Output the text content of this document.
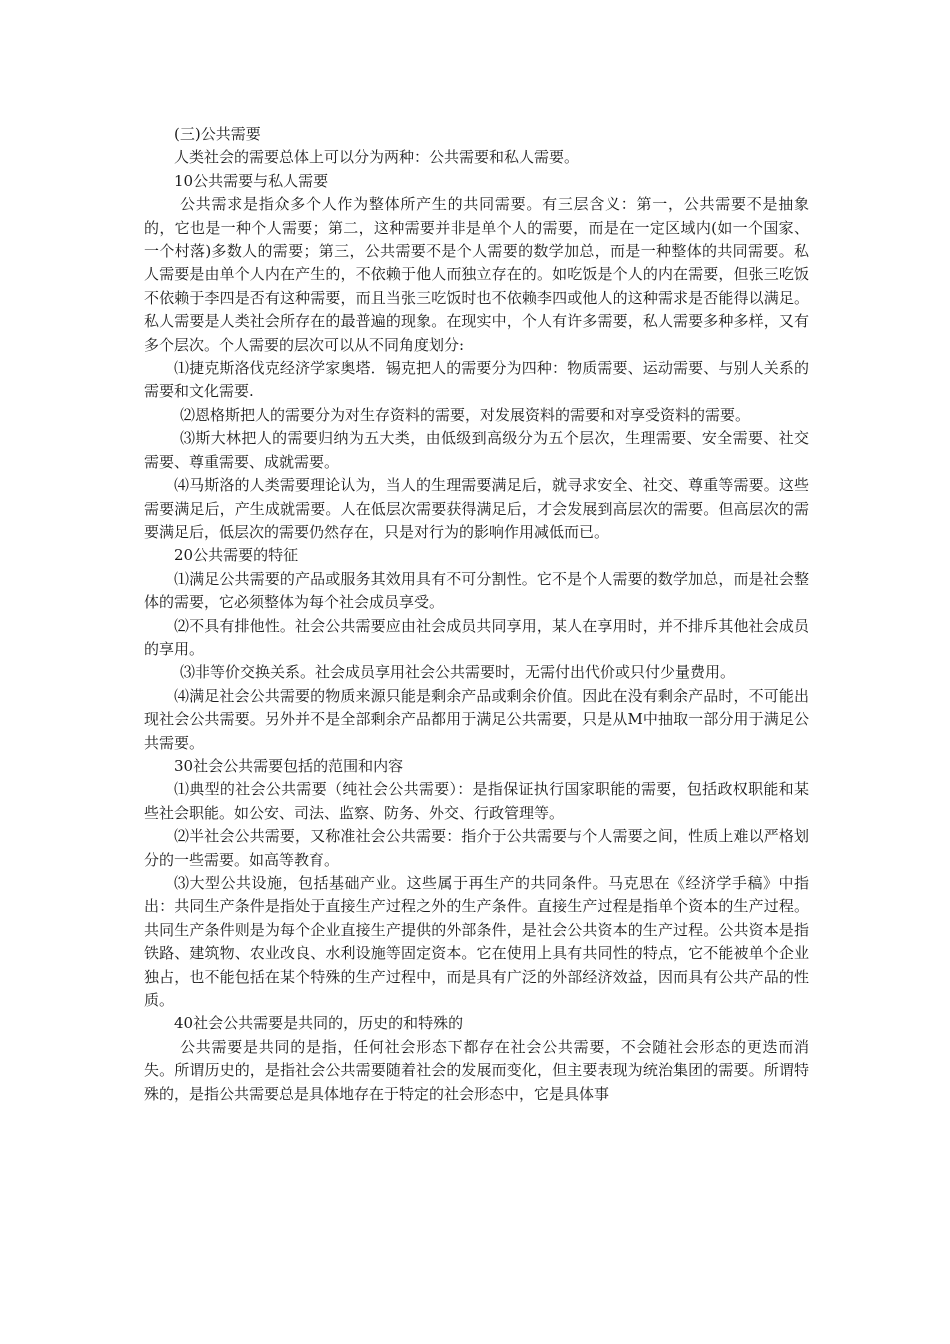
(三)公共需要

人类社会的需要总体上可以分为两种：公共需要和私人需要。

10公共需要与私人需要

公共需求是指众多个人作为整体所产生的共同需要。有三层含义：第一，公共需要不是抽象的，它也是一种个人需要；第二，这种需要并非是单个人的需要，而是在一定区域内(如一个国家、一个村落)多数人的需要；第三，公共需要不是个人需要的数学加总，而是一种整体的共同需要。私人需要是由单个人内在产生的，不依赖于他人而独立存在的。如吃饭是个人的内在需要，但张三吃饭不依赖于李四是否有这种需要，而且当张三吃饭时也不依赖李四或他人的这种需求是否能得以满足。私人需要是人类社会所存在的最普遍的现象。在现实中，个人有许多需要，私人需要多种多样，又有多个层次。个人需要的层次可以从不同角度划分:

⑴捷克斯洛伐克经济学家奥塔．锡克把人的需要分为四种：物质需要、运动需要、与别人关系的需要和文化需要.

⑵恩格斯把人的需要分为对生存资料的需要，对发展资料的需要和对享受资料的需要。

⑶斯大林把人的需要归纳为五大类，由低级到高级分为五个层次，生理需要、安全需要、社交需要、尊重需要、成就需要。

⑷马斯洛的人类需要理论认为，当人的生理需要满足后，就寻求安全、社交、尊重等需要。这些需要满足后，产生成就需要。人在低层次需要获得满足后，才会发展到高层次的需要。但高层次的需要满足后，低层次的需要仍然存在，只是对行为的影响作用减低而已。

20公共需要的特征

⑴满足公共需要的产品或服务其效用具有不可分割性。它不是个人需要的数学加总，而是社会整体的需要，它必须整体为每个社会成员享受。

⑵不具有排他性。社会公共需要应由社会成员共同享用，某人在享用时，并不排斥其他社会成员的享用。

⑶非等价交换关系。社会成员享用社会公共需要时，无需付出代价或只付少量费用。

⑷满足社会公共需要的物质来源只能是剩余产品或剩余价值。因此在没有剩余产品时，不可能出现社会公共需要。另外并不是全部剩余产品都用于满足公共需要，只是从M中抽取一部分用于满足公共需要。

30社会公共需要包括的范围和内容

⑴典型的社会公共需要（纯社会公共需要）：是指保证执行国家职能的需要，包括政权职能和某些社会职能。如公安、司法、监察、防务、外交、行政管理等。

⑵半社会公共需要，又称准社会公共需要：指介于公共需要与个人需要之间，性质上难以严格划分的一些需要。如高等教育。

⑶大型公共设施，包括基础产业。这些属于再生产的共同条件。马克思在《经济学手稿》中指出：共同生产条件是指处于直接生产过程之外的生产条件。直接生产过程是指单个资本的生产过程。共同生产条件则是为每个企业直接生产提供的外部条件，是社会公共资本的生产过程。公共资本是指铁路、建筑物、农业改良、水利设施等固定资本。它在使用上具有共同性的特点，它不能被单个企业独占，也不能包括在某个特殊的生产过程中，而是具有广泛的外部经济效益，因而具有公共产品的性质。

40社会公共需要是共同的，历史的和特殊的

公共需要是共同的是指，任何社会形态下都存在社会公共需要，不会随社会形态的更迭而消失。所谓历史的，是指社会公共需要随着社会的发展而变化，但主要表现为统治集团的需要。所谓特殊的，是指公共需要总是具体地存在于特定的社会形态中，它是具体事
